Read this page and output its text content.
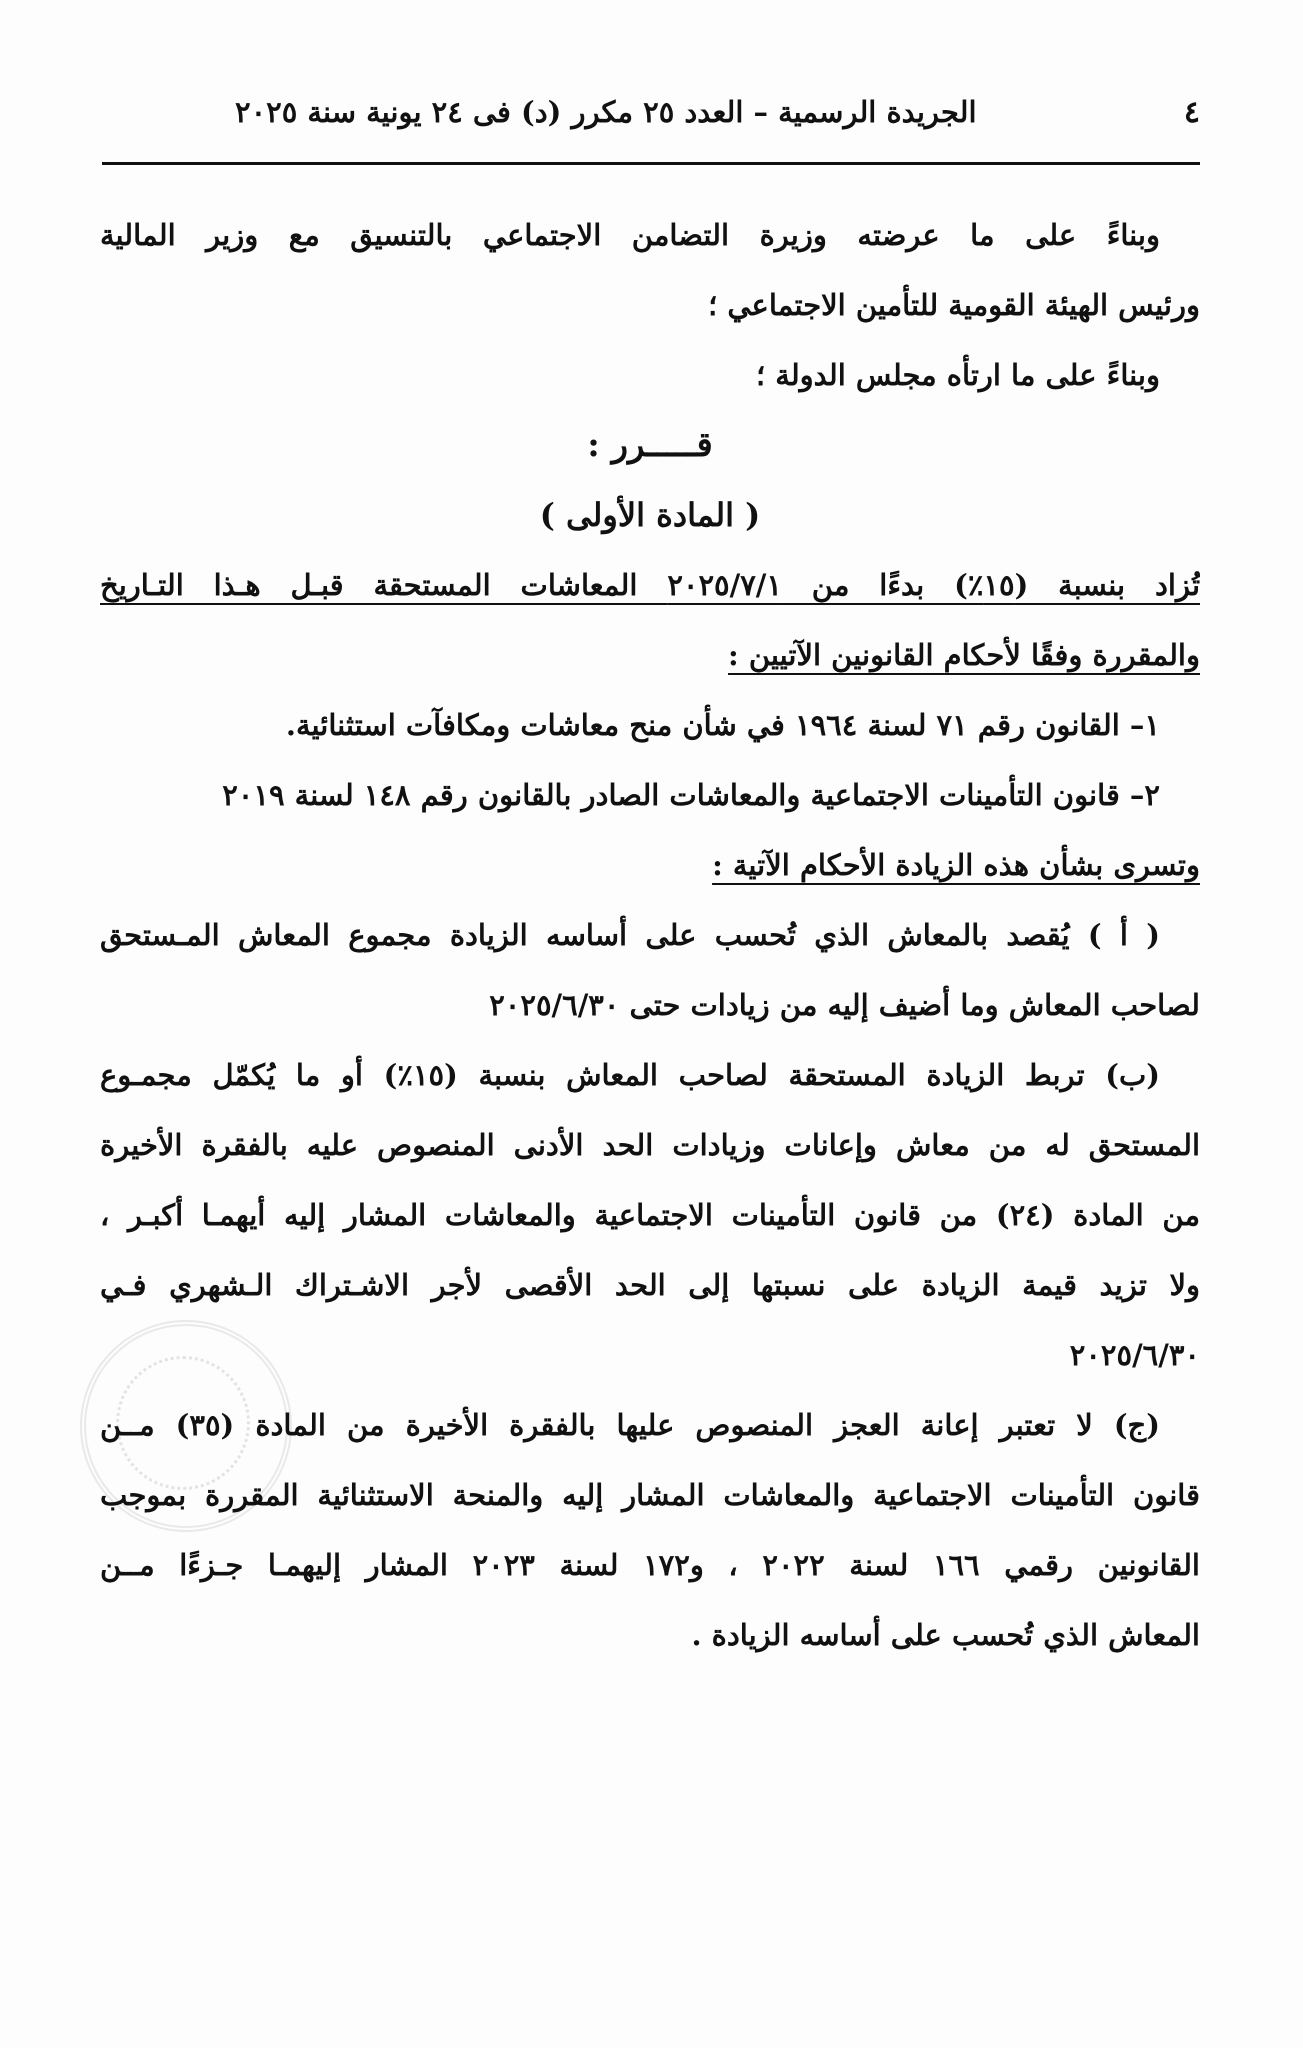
٤
الجريدة الرسمية – العدد ٢٥ مكرر (د) فى ٢٤ يونية سنة ٢٠٢٥
وبناءً على ما عرضته وزيرة التضامن الاجتماعي بالتنسيق مع وزير المالية
ورئيس الهيئة القومية للتأمين الاجتماعي ؛
وبناءً على ما ارتأه مجلس الدولة ؛
قـــــرر :
( المادة الأولى )
تُزاد بنسبة (١٥٪) بدءًا من ٢٠٢٥/٧/١ المعاشات المستحقة قبـل هـذا التـاريخ
والمقررة وفقًا لأحكام القانونين الآتيين :
١– القانون رقم ٧١ لسنة ١٩٦٤ في شأن منح معاشات ومكافآت استثنائية.
٢– قانون التأمينات الاجتماعية والمعاشات الصادر بالقانون رقم ١٤٨ لسنة ٢٠١٩
وتسرى بشأن هذه الزيادة الأحكام الآتية :
( أ ) يُقصد بالمعاش الذي تُحسب على أساسه الزيادة مجموع المعاش المـستحق
لصاحب المعاش وما أضيف إليه من زيادات حتى ٢٠٢٥/٦/٣٠
(ب) تربط الزيادة المستحقة لصاحب المعاش بنسبة (١٥٪) أو ما يُكمّل مجمـوع
المستحق له من معاش وإعانات وزيادات الحد الأدنى المنصوص عليه بالفقرة الأخيرة
من المادة (٢٤) من قانون التأمينات الاجتماعية والمعاشات المشار إليه أيهمـا أكبـر ،
ولا تزيد قيمة الزيادة على نسبتها إلى الحد الأقصى لأجر الاشـتراك الـشهري فـي
٢٠٢٥/٦/٣٠
(ج) لا تعتبر إعانة العجز المنصوص عليها بالفقرة الأخيرة من المادة (٣٥) مــن
قانون التأمينات الاجتماعية والمعاشات المشار إليه والمنحة الاستثنائية المقررة بموجب
القانونين رقمي ١٦٦ لسنة ٢٠٢٢ ، و١٧٢ لسنة ٢٠٢٣ المشار إليهمـا جـزءًا مــن
المعاش الذي تُحسب على أساسه الزيادة .
